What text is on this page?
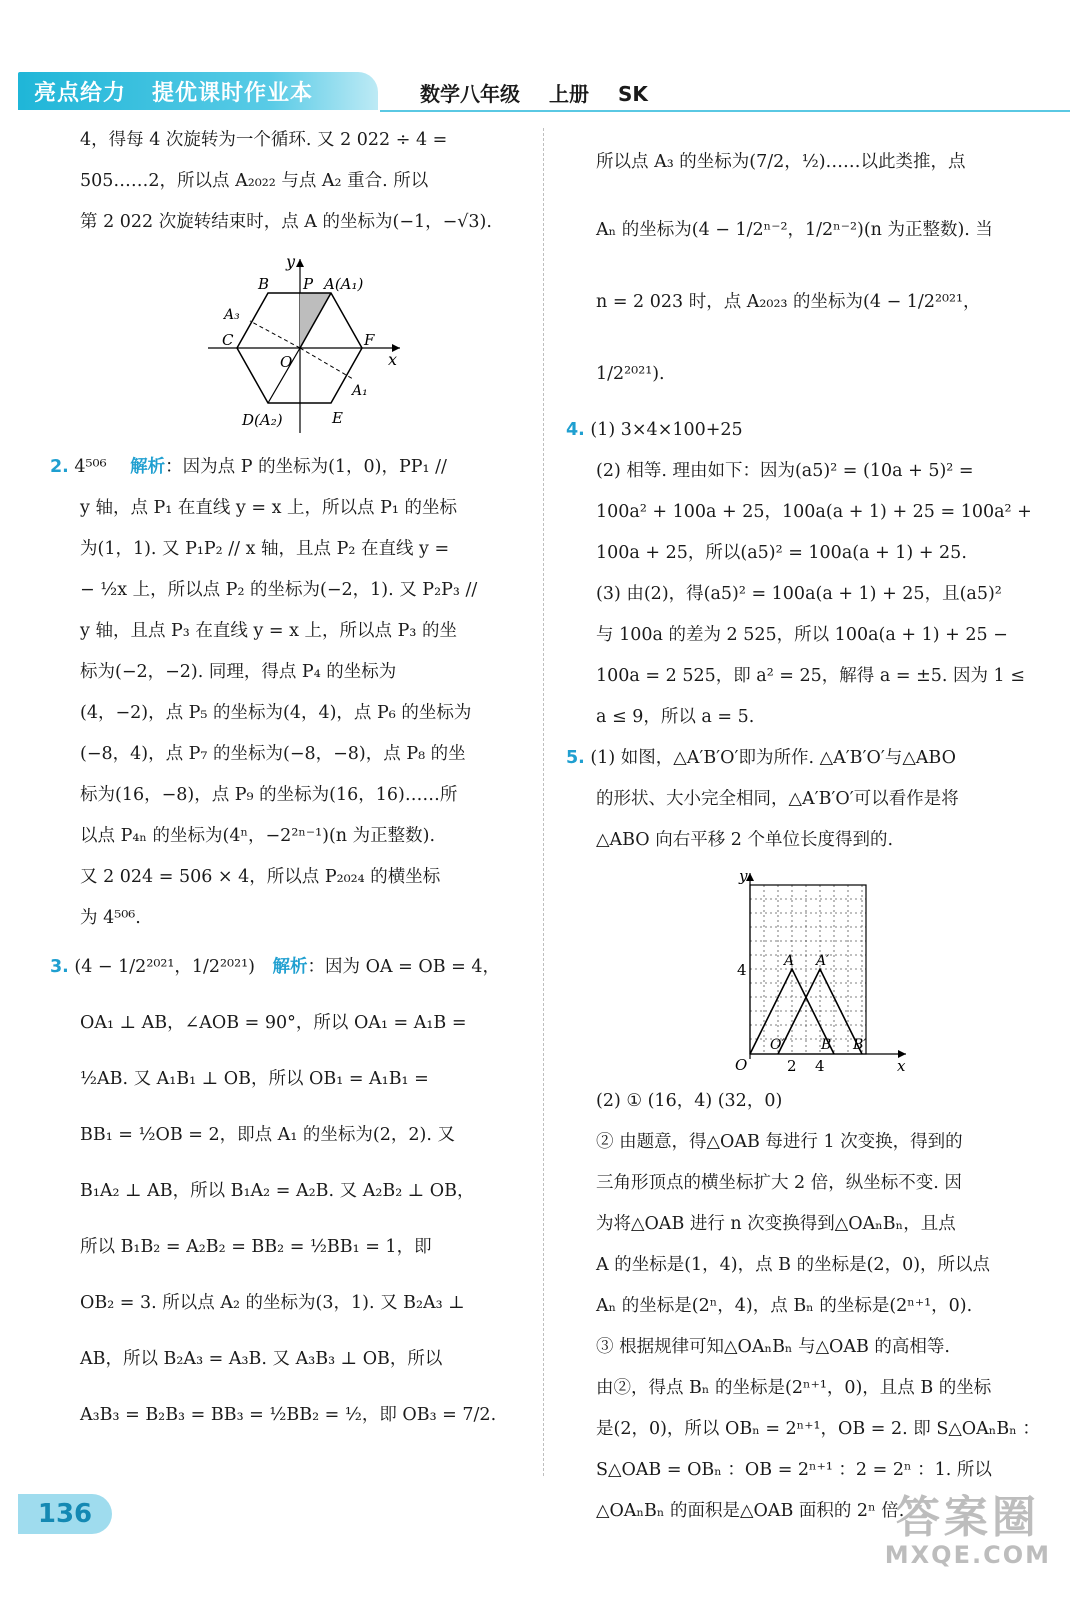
亮点给力 提优课时作业本	数学八年级 上册 SK

4，得每 4 次旋转为一个循环. 又 2 022 ÷ 4 =

505……2，所以点 A₂₀₂₂ 与点 A₂ 重合. 所以

第 2 022 次旋转结束时，点 A 的坐标为(−1，−√3).

y
x
B P A(A₁)
A₃
C	F
O
A₁
D(A₂)	E

2. 4⁵⁰⁶ 解析：因为点 P 的坐标为(1，0)，PP₁ //

y 轴，点 P₁ 在直线 y = x 上，所以点 P₁ 的坐标

为(1，1). 又 P₁P₂ // x 轴，且点 P₂ 在直线 y =

− ½x 上，所以点 P₂ 的坐标为(−2，1). 又 P₂P₃ //

y 轴，且点 P₃ 在直线 y = x 上，所以点 P₃ 的坐

标为(−2，−2). 同理，得点 P₄ 的坐标为

(4，−2)，点 P₅ 的坐标为(4，4)，点 P₆ 的坐标为

(−8，4)，点 P₇ 的坐标为(−8，−8)，点 P₈ 的坐

标为(16，−8)，点 P₉ 的坐标为(16，16)……所

以点 P₄ₙ 的坐标为(4ⁿ，−2²ⁿ⁻¹)(n 为正整数).

又 2 024 = 506 × 4，所以点 P₂₀₂₄ 的横坐标

为 4⁵⁰⁶.

3. (4 − 1/2²⁰²¹，1/2²⁰²¹) 解析：因为 OA = OB = 4，

OA₁ ⊥ AB，∠AOB = 90°，所以 OA₁ = A₁B =

½AB. 又 A₁B₁ ⊥ OB，所以 OB₁ = A₁B₁ =

BB₁ = ½OB = 2，即点 A₁ 的坐标为(2，2). 又

B₁A₂ ⊥ AB，所以 B₁A₂ = A₂B. 又 A₂B₂ ⊥ OB，

所以 B₁B₂ = A₂B₂ = BB₂ = ½BB₁ = 1，即

OB₂ = 3. 所以点 A₂ 的坐标为(3，1). 又 B₂A₃ ⊥

AB，所以 B₂A₃ = A₃B. 又 A₃B₃ ⊥ OB，所以

A₃B₃ = B₂B₃ = BB₃ = ½BB₂ = ½，即 OB₃ = 7/2.

所以点 A₃ 的坐标为(7/2，½)……以此类推，点

Aₙ 的坐标为(4 − 1/2ⁿ⁻²，1/2ⁿ⁻²)(n 为正整数). 当

n = 2 023 时，点 A₂₀₂₃ 的坐标为(4 − 1/2²⁰²¹，1/2²⁰²¹).

4. (1) 3×4×100+25

(2) 相等. 理由如下：因为(a5)² = (10a + 5)² =

100a² + 100a + 25，100a(a + 1) + 25 = 100a² +

100a + 25，所以(a5)² = 100a(a + 1) + 25.

(3) 由(2)，得(a5)² = 100a(a + 1) + 25，且(a5)²

与 100a 的差为 2 525，所以 100a(a + 1) + 25 −

100a = 2 525，即 a² = 25，解得 a = ±5. 因为 1 ≤

a ≤ 9，所以 a = 5.

5. (1) 如图，△A′B′O′即为所作. △A′B′O′与△ABO

的形状、大小完全相同，△A′B′O′可以看作是将

△ABO 向右平移 2 个单位长度得到的.

y
x
O
O′	B B′
A A′
4
2 4

(2) ① (16，4) (32，0)

② 由题意，得△OAB 每进行 1 次变换，得到的

三角形顶点的横坐标扩大 2 倍，纵坐标不变. 因

为将△OAB 进行 n 次变换得到△OAₙBₙ，且点

A 的坐标是(1，4)，点 B 的坐标是(2，0)，所以点

Aₙ 的坐标是(2ⁿ，4)，点 Bₙ 的坐标是(2ⁿ⁺¹，0).

③ 根据规律可知△OAₙBₙ 与△OAB 的高相等.

由②，得点 Bₙ 的坐标是(2ⁿ⁺¹，0)，且点 B 的坐标

是(2，0)，所以 OBₙ = 2ⁿ⁺¹，OB = 2. 即 S△OAₙBₙ ：

S△OAB = OBₙ ：OB = 2ⁿ⁺¹ ：2 = 2ⁿ ：1. 所以

△OAₙBₙ 的面积是△OAB 面积的 2ⁿ 倍.

136	答案圈
MXQE.COM
